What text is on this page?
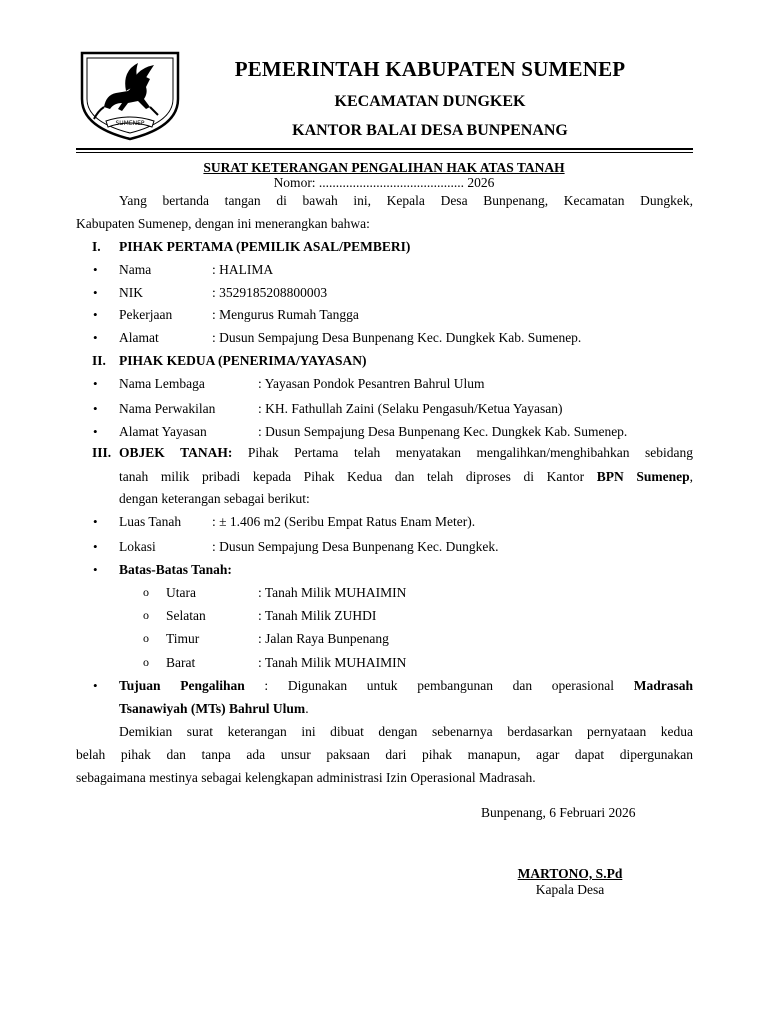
SUMENEP
PEMERINTAH KABUPATEN SUMENEP
KECAMATAN DUNGKEK
KANTOR BALAI DESA BUNPENANG
SURAT KETERANGAN PENGALIHAN HAK ATAS TANAH
Nomor: ........................................... 2026
Yang bertanda tangan di bawah ini, Kepala Desa Bunpenang, Kecamatan Dungkek,
Kabupaten Sumenep, dengan ini menerangkan bahwa:
I. PIHAK PERTAMA (PEMILIK ASAL/PEMBERI)
• Nama	: HALIMA
• NIK	: 3529185208800003
• Pekerjaan	: Mengurus Rumah Tangga
• Alamat	: Dusun Sempajung Desa Bunpenang Kec. Dungkek Kab. Sumenep.
II. PIHAK KEDUA (PENERIMA/YAYASAN)
• Nama Lembaga	: Yayasan Pondok Pesantren Bahrul Ulum
• Nama Perwakilan	: KH. Fathullah Zaini (Selaku Pengasuh/Ketua Yayasan)
• Alamat Yayasan	: Dusun Sempajung Desa Bunpenang Kec. Dungkek Kab. Sumenep.
III. OBJEK TANAH: Pihak Pertama telah menyatakan mengalihkan/menghibahkan sebidang
tanah milik pribadi kepada Pihak Kedua dan telah diproses di Kantor BPN Sumenep,
dengan keterangan sebagai berikut:
• Luas Tanah : ± 1.406 m2 (Seribu Empat Ratus Enam Meter).
• Lokasi	: Dusun Sempajung Desa Bunpenang Kec. Dungkek.
• Batas-Batas Tanah:
o Utara	: Tanah Milik MUHAIMIN
o Selatan	: Tanah Milik ZUHDI
o Timur	: Jalan Raya Bunpenang
o Barat	: Tanah Milik MUHAIMIN
• Tujuan Pengalihan : Digunakan untuk pembangunan dan operasional Madrasah
Tsanawiyah (MTs) Bahrul Ulum.
Demikian surat keterangan ini dibuat dengan sebenarnya berdasarkan pernyataan kedua
belah pihak dan tanpa ada unsur paksaan dari pihak manapun, agar dapat dipergunakan
sebagaimana mestinya sebagai kelengkapan administrasi Izin Operasional Madrasah.
Bunpenang, 6 Februari 2026
MARTONO, S.Pd
Kapala Desa
